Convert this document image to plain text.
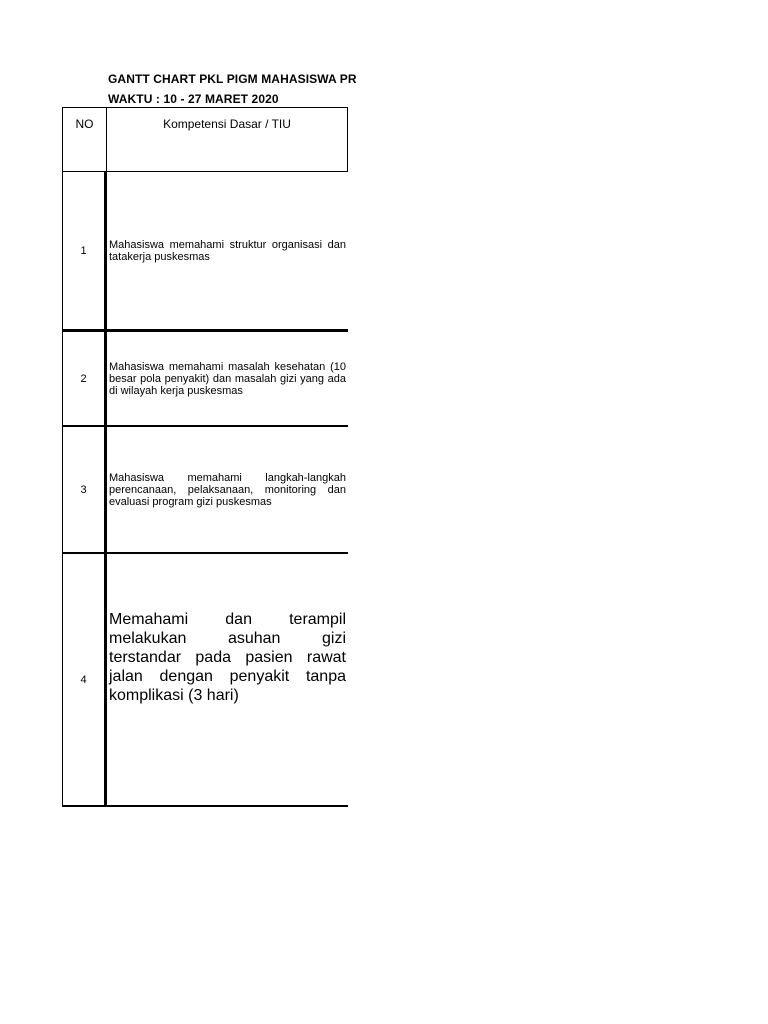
GANTT CHART PKL PIGM MAHASISWA PR
WAKTU : 10 - 27 MARET 2020
NO	Kompetensi Dasar / TIU
1	Mahasiswa memahami struktur organisasi dan tatakerja puskesmas
2
Mahasiswa memahami masalah kesehatan (10 besar pola penyakit) dan masalah gizi yang ada di wilayah kerja puskesmas
3
Mahasiswa memahami langkah-langkah perencanaan, pelaksanaan, monitoring dan evaluasi program gizi puskesmas
4
Memahami dan terampil melakukan asuhan gizi terstandar pada pasien rawat jalan dengan penyakit tanpa komplikasi (3 hari)
